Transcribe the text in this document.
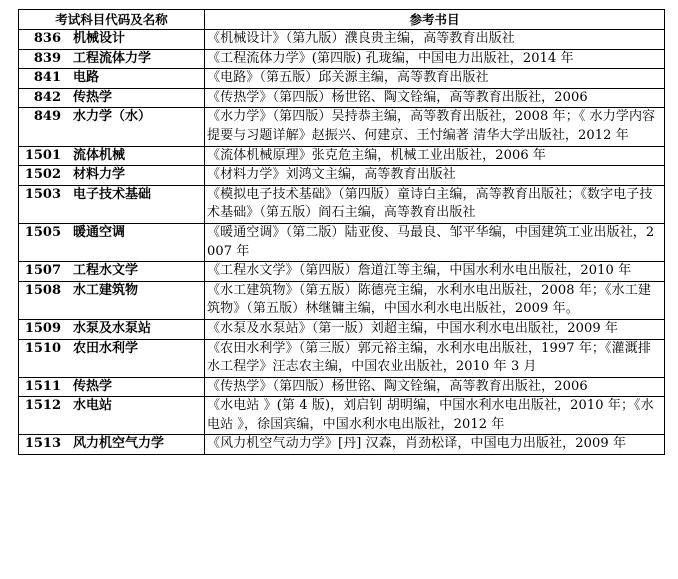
考试科目代码及名称	参考书目
836 机械设计	《机械设计》（第九版）濮良贵主编，高等教育出版社
839 工程流体力学	《工程流体力学》(第四版) 孔珑编，中国电力出版社，2014 年
841 电路	《电路》（第五版）邱关源主编，高等教育出版社
842 传热学	《传热学》（第四版）杨世铭、陶文铨编，高等教育出版社，2006
849 水力学（水）	《水力学》（第四版）吴持恭主编，高等教育出版社，2008 年；《 水力学内容提要与习题详解》赵振兴、何建京、王忖编著 清华大学出版社，2012 年
1501 流体机械	《流体机械原理》张克危主编，机械工业出版社，2006 年
1502 材料力学	《材料力学》刘鸿文主编，高等教育出版社
1503 电子技术基础	《模拟电子技术基础》（第四版）童诗白主编，高等教育出版社；《数字电子技术基础》（第五版）阎石主编，高等教育出版社
1505 暖通空调	《暖通空调》（第二版）陆亚俊、马最良、邹平华编，中国建筑工业出版社，2007 年
1507 工程水文学	《工程水文学》（第四版）詹道江等主编，中国水利水电出版社，2010 年
1508 水工建筑物	《水工建筑物》（第五版）陈德亮主编，水利水电出版社，2008 年；《水工建筑物》（第五版）林继镛主编，中国水利水电出版社，2009 年。
1509 水泵及水泵站	《水泵及水泵站》（第一版）刘超主编，中国水利水电出版社，2009 年
1510 农田水利学	《农田水利学》（第三版）郭元裕主编，水利水电出版社，1997 年；《灌溉排水工程学》汪志农主编，中国农业出版社，2010 年 3 月
1511 传热学	《传热学》（第四版）杨世铭、陶文铨编，高等教育出版社，2006
1512 水电站	《水电站 》(第 4 版)，刘启钊 胡明编，中国水利水电出版社，2010 年；《水电站 》，徐国宾编，中国水利水电出版社，2012 年
1513 风力机空气力学	《风力机空气动力学》[丹] 汉森，肖劲松译，中国电力出版社，2009 年
